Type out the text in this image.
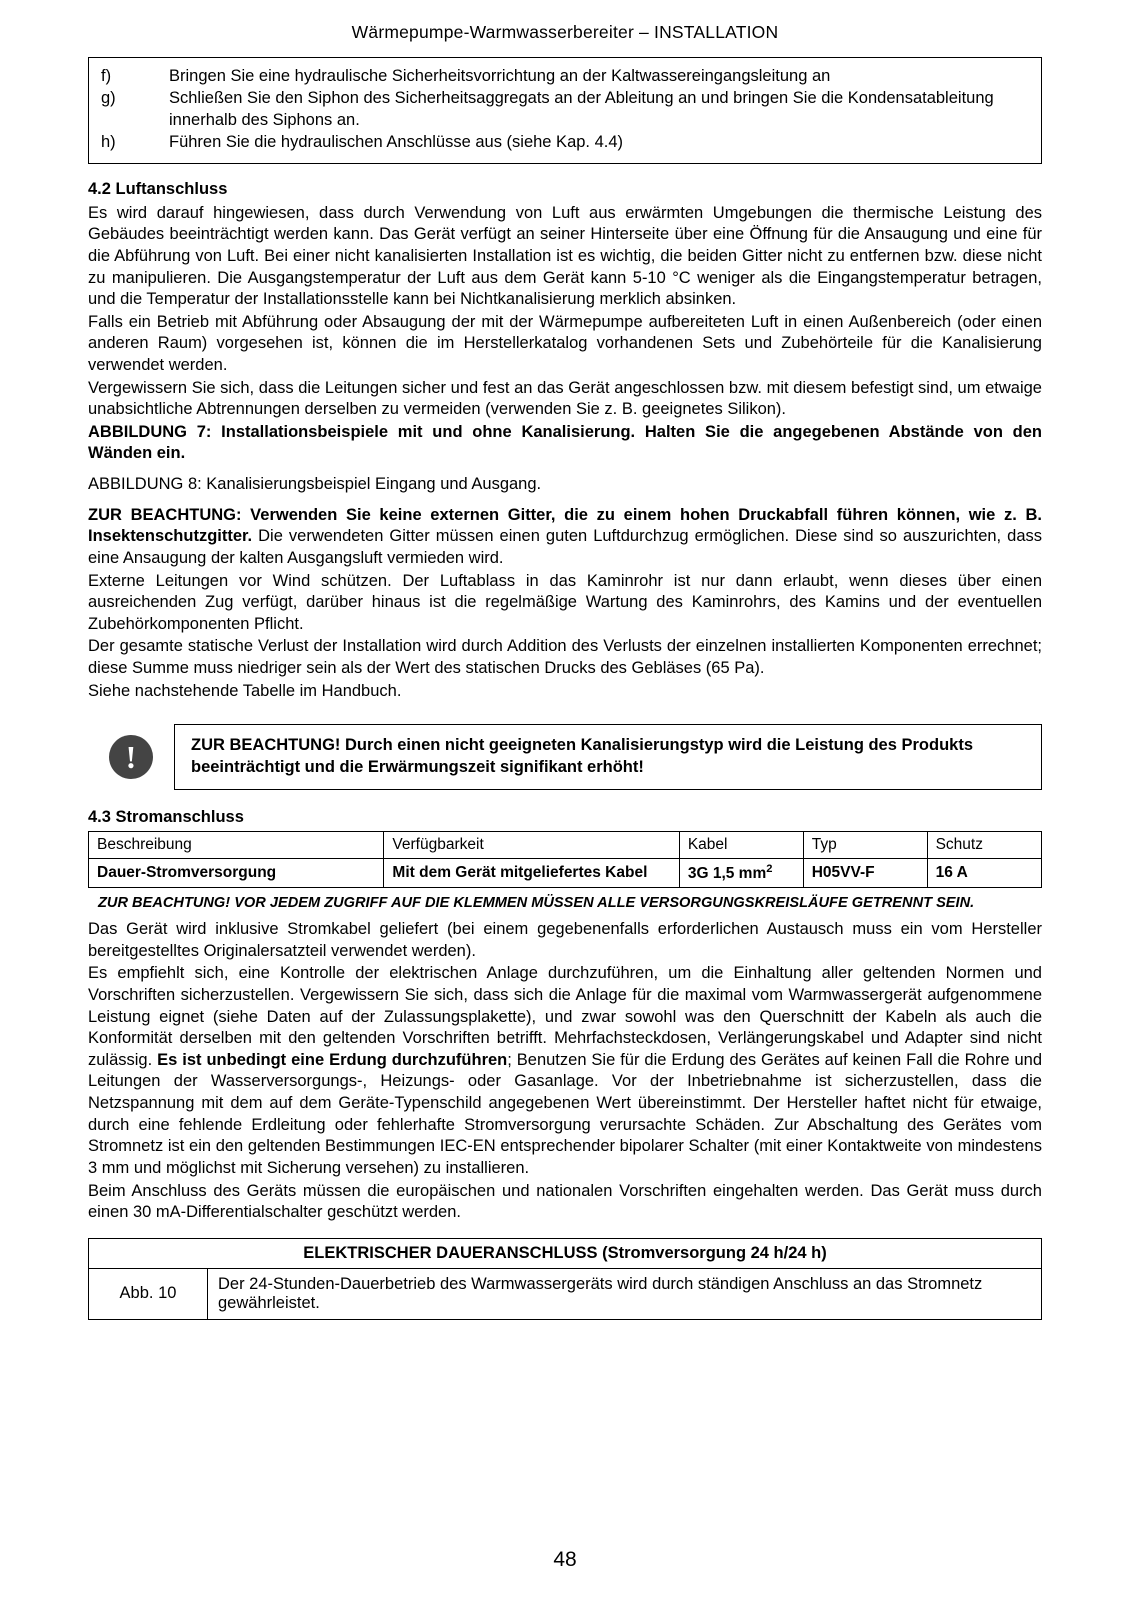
Wärmepumpe-Warmwasserbereiter – INSTALLATION
f)	Bringen Sie eine hydraulische Sicherheitsvorrichtung an der Kaltwassereingangsleitung an
g)	Schließen Sie den Siphon des Sicherheitsaggregats an der Ableitung an und bringen Sie die Kondensatableitung innerhalb des Siphons an.
h)	Führen Sie die hydraulischen Anschlüsse aus (siehe Kap. 4.4)
4.2 Luftanschluss

Es wird darauf hingewiesen, dass durch Verwendung von Luft aus erwärmten Umgebungen die thermische Leistung des Gebäudes beeinträchtigt werden kann. Das Gerät verfügt an seiner Hinterseite über eine Öffnung für die Ansaugung und eine für die Abführung von Luft. Bei einer nicht kanalisierten Installation ist es wichtig, die beiden Gitter nicht zu entfernen bzw. diese nicht zu manipulieren. Die Ausgangstemperatur der Luft aus dem Gerät kann 5-10 °C weniger als die Eingangstemperatur betragen, und die Temperatur der Installationsstelle kann bei Nichtkanalisierung merklich absinken.

Falls ein Betrieb mit Abführung oder Absaugung der mit der Wärmepumpe aufbereiteten Luft in einen Außenbereich (oder einen anderen Raum) vorgesehen ist, können die im Herstellerkatalog vorhandenen Sets und Zubehörteile für die Kanalisierung verwendet werden.

Vergewissern Sie sich, dass die Leitungen sicher und fest an das Gerät angeschlossen bzw. mit diesem befestigt sind, um etwaige unabsichtliche Abtrennungen derselben zu vermeiden (verwenden Sie z. B. geeignetes Silikon).

ABBILDUNG 7: Installationsbeispiele mit und ohne Kanalisierung. Halten Sie die angegebenen Abstände von den Wänden ein.

ABBILDUNG 8: Kanalisierungsbeispiel Eingang und Ausgang.

ZUR BEACHTUNG: Verwenden Sie keine externen Gitter, die zu einem hohen Druckabfall führen können, wie z. B. Insektenschutzgitter. Die verwendeten Gitter müssen einen guten Luftdurchzug ermöglichen. Diese sind so auszurichten, dass eine Ansaugung der kalten Ausgangsluft vermieden wird.

Externe Leitungen vor Wind schützen. Der Luftablass in das Kaminrohr ist nur dann erlaubt, wenn dieses über einen ausreichenden Zug verfügt, darüber hinaus ist die regelmäßige Wartung des Kaminrohrs, des Kamins und der eventuellen Zubehörkomponenten Pflicht.

Der gesamte statische Verlust der Installation wird durch Addition des Verlusts der einzelnen installierten Komponenten errechnet; diese Summe muss niedriger sein als der Wert des statischen Drucks des Gebläses (65 Pa).

Siehe nachstehende Tabelle im Handbuch.

!	ZUR BEACHTUNG! Durch einen nicht geeigneten Kanalisierungstyp wird die Leistung des Produkts beeinträchtigt und die Erwärmungszeit signifikant erhöht!
4.3 Stromanschluss
Beschreibung	Verfügbarkeit	Kabel	Typ	Schutz
Dauer-Stromversorgung	Mit dem Gerät mitgeliefertes Kabel	3G 1,5 $mm^2$	H05VV-F	16 A
ZUR BEACHTUNG! VOR JEDEM ZUGRIFF AUF DIE KLEMMEN MÜSSEN ALLE VERSORGUNGSKREISLÄUFE GETRENNT SEIN.

Das Gerät wird inklusive Stromkabel geliefert (bei einem gegebenenfalls erforderlichen Austausch muss ein vom Hersteller bereitgestelltes Originalersatzteil verwendet werden).

Es empfiehlt sich, eine Kontrolle der elektrischen Anlage durchzuführen, um die Einhaltung aller geltenden Normen und Vorschriften sicherzustellen. Vergewissern Sie sich, dass sich die Anlage für die maximal vom Warmwassergerät aufgenommene Leistung eignet (siehe Daten auf der Zulassungsplakette), und zwar sowohl was den Querschnitt der Kabeln als auch die Konformität derselben mit den geltenden Vorschriften betrifft. Mehrfachsteckdosen, Verlängerungskabel und Adapter sind nicht zulässig. Es ist unbedingt eine Erdung durchzuführen; Benutzen Sie für die Erdung des Gerätes auf keinen Fall die Rohre und Leitungen der Wasserversorgungs-, Heizungs- oder Gasanlage. Vor der Inbetriebnahme ist sicherzustellen, dass die Netzspannung mit dem auf dem Geräte-Typenschild angegebenen Wert übereinstimmt. Der Hersteller haftet nicht für etwaige, durch eine fehlende Erdleitung oder fehlerhafte Stromversorgung verursachte Schäden. Zur Abschaltung des Gerätes vom Stromnetz ist ein den geltenden Bestimmungen IEC-EN entsprechender bipolarer Schalter (mit einer Kontaktweite von mindestens 3 mm und möglichst mit Sicherung versehen) zu installieren.

Beim Anschluss des Geräts müssen die europäischen und nationalen Vorschriften eingehalten werden. Das Gerät muss durch einen 30 mA-Differentialschalter geschützt werden.

ELEKTRISCHER DAUERANSCHLUSS (Stromversorgung 24 h/24 h)
Abb. 10	Der 24-Stunden-Dauerbetrieb des Warmwassergeräts wird durch ständigen Anschluss an das Stromnetz gewährleistet.
48
